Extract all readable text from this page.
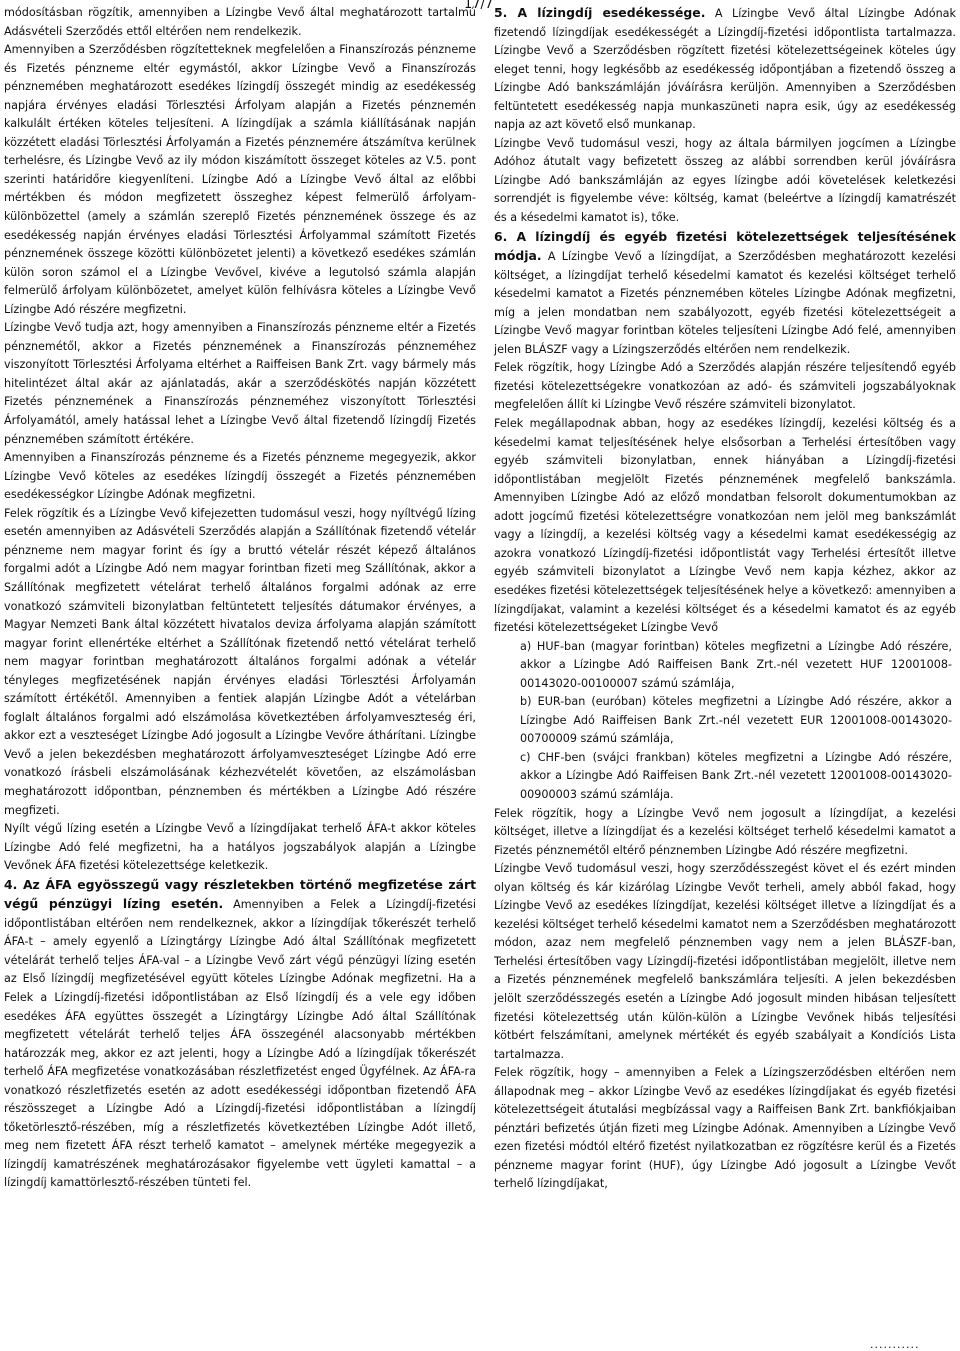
17/7

módosításban rögzítik, amennyiben a Lízingbe Vevő által meghatározott tartalmú Adásvételi Szerződés ettől eltérően nem rendelkezik.

Amennyiben a Szerződésben rögzítetteknek megfelelően a Finanszírozás pénzneme és Fizetés pénzneme eltér egymástól, akkor Lízingbe Vevő a Finanszírozás pénznemében meghatározott esedékes lízingdíj összegét mindig az esedékesség napjára érvényes eladási Törlesztési Árfolyam alapján a Fizetés pénznemén kalkulált értéken köteles teljesíteni. A lízingdíjak a számla kiállításának napján közzétett eladási Törlesztési Árfolyamán a Fizetés pénznemére átszámítva kerülnek terhelésre, és Lízingbe Vevő az ily módon kiszámított összeget köteles az V.5. pont szerinti határidőre kiegyenlíteni. Lízingbe Adó a Lízingbe Vevő által az előbbi mértékben és módon megfizetett összeghez képest felmerülő árfolyam-különbözettel (amely a számlán szereplő Fizetés pénznemének összege és az esedékesség napján érvényes eladási Törlesztési Árfolyammal számított Fizetés pénznemének összege közötti különbözetet jelenti) a következő esedékes számlán külön soron számol el a Lízingbe Vevővel, kivéve a legutolsó számla alapján felmerülő árfolyam különbözetet, amelyet külön felhívásra köteles a Lízingbe Vevő Lízingbe Adó részére megfizetni.

Lízingbe Vevő tudja azt, hogy amennyiben a Finanszírozás pénzneme eltér a Fizetés pénznemétől, akkor a Fizetés pénznemének a Finanszírozás pénzneméhez viszonyított Törlesztési Árfolyama eltérhet a Raiffeisen Bank Zrt. vagy bármely más hitelintézet által akár az ajánlatadás, akár a szerződéskötés napján közzétett Fizetés pénznemének a Finanszírozás pénzneméhez viszonyított Törlesztési Árfolyamától, amely hatással lehet a Lízingbe Vevő által fizetendő lízingdíj Fizetés pénznemében számított értékére.

Amennyiben a Finanszírozás pénzneme és a Fizetés pénzneme megegyezik, akkor Lízingbe Vevő köteles az esedékes lízingdíj összegét a Fizetés pénznemében esedékességkor Lízingbe Adónak megfizetni.

Felek rögzítik és a Lízingbe Vevő kifejezetten tudomásul veszi, hogy nyíltvégű lízing esetén amennyiben az Adásvételi Szerződés alapján a Szállítónak fizetendő vételár pénzneme nem magyar forint és így a bruttó vételár részét képező általános forgalmi adót a Lízingbe Adó nem magyar forintban fizeti meg Szállítónak, akkor a Szállítónak megfizetett vételárat terhelő általános forgalmi adónak az erre vonatkozó számviteli bizonylatban feltüntetett teljesítés dátumakor érvényes, a Magyar Nemzeti Bank által közzétett hivatalos deviza árfolyama alapján számított magyar forint ellenértéke eltérhet a Szállítónak fizetendő nettó vételárat terhelő nem magyar forintban meghatározott általános forgalmi adónak a vételár tényleges megfizetésének napján érvényes eladási Törlesztési Árfolyamán számított értékétől. Amennyiben a fentiek alapján Lízingbe Adót a vételárban foglalt általános forgalmi adó elszámolása következtében árfolyamveszteség éri, akkor ezt a veszteséget Lízingbe Adó jogosult a Lízingbe Vevőre áthárítani. Lízingbe Vevő a jelen bekezdésben meghatározott árfolyamveszteséget Lízingbe Adó erre vonatkozó írásbeli elszámolásának kézhezvételét követően, az elszámolásban meghatározott időpontban, pénznemben és mértékben a Lízingbe Adó részére megfizeti.

Nyílt végű lízing esetén a Lízingbe Vevő a lízingdíjakat terhelő ÁFA-t akkor köteles Lízingbe Adó felé megfizetni, ha a hatályos jogszabályok alapján a Lízingbe Vevőnek ÁFA fizetési kötelezettsége keletkezik.

4. Az ÁFA egyösszegű vagy részletekben történő megfizetése zárt végű pénzügyi lízing esetén. Amennyiben a Felek a Lízingdíj-fizetési időpontlistában eltérően nem rendelkeznek, akkor a lízingdíjak tőkerészét terhelő ÁFA-t – amely egyenlő a Lízingtárgy Lízingbe Adó által Szállítónak megfizetett vételárát terhelő teljes ÁFA-val – a Lízingbe Vevő zárt végű pénzügyi lízing esetén az Első lízingdíj megfizetésével együtt köteles Lízingbe Adónak megfizetni. Ha a Felek a Lízingdíj-fizetési időpontlistában az Első lízingdíj és a vele egy időben esedékes ÁFA együttes összegét a Lízingtárgy Lízingbe Adó által Szállítónak megfizetett vételárát terhelő teljes ÁFA összegénél alacsonyabb mértékben határozzák meg, akkor ez azt jelenti, hogy a Lízingbe Adó a lízingdíjak tőkerészét terhelő ÁFA megfizetése vonatkozásában részletfizetést enged Ügyfélnek. Az ÁFA-ra vonatkozó részletfizetés esetén az adott esedékességi időpontban fizetendő ÁFA részösszeget a Lízingbe Adó a Lízingdíj-fizetési időpontlistában a lízingdíj tőketörlesztő-részében, míg a részletfizetés következtében Lízingbe Adót illető, meg nem fizetett ÁFA részt terhelő kamatot – amelynek mértéke megegyezik a lízingdíj kamatrészének meghatározásakor figyelembe vett ügyleti kamattal – a lízingdíj kamattörlesztő-részében tünteti fel.

5. A lízingdíj esedékessége. A Lízingbe Vevő által Lízingbe Adónak fizetendő lízingdíjak esedékességét a Lízingdíj-fizetési időpontlista tartalmazza. Lízingbe Vevő a Szerződésben rögzített fizetési kötelezettségeinek köteles úgy eleget tenni, hogy legkésőbb az esedékesség időpontjában a fizetendő összeg a Lízingbe Adó bankszámláján jóváírásra kerüljön. Amennyiben a Szerződésben feltüntetett esedékesség napja munkaszüneti napra esik, úgy az esedékesség napja az azt követő első munkanap.

Lízingbe Vevő tudomásul veszi, hogy az általa bármilyen jogcímen a Lízingbe Adóhoz átutalt vagy befizetett összeg az alábbi sorrendben kerül jóváírásra Lízingbe Adó bankszámláján az egyes lízingbe adói követelések keletkezési sorrendjét is figyelembe véve: költség, kamat (beleértve a lízingdíj kamatrészét és a késedelmi kamatot is), tőke.

6. A lízingdíj és egyéb fizetési kötelezettségek teljesítésének módja. A Lízingbe Vevő a lízingdíjat, a Szerződésben meghatározott kezelési költséget, a lízingdíjat terhelő késedelmi kamatot és kezelési költséget terhelő késedelmi kamatot a Fizetés pénznemében köteles Lízingbe Adónak megfizetni, míg a jelen mondatban nem szabályozott, egyéb fizetési kötelezettségeit a Lízingbe Vevő magyar forintban köteles teljesíteni Lízingbe Adó felé, amennyiben jelen BLÁSZF vagy a Lízingszerződés eltérően nem rendelkezik.

Felek rögzítik, hogy Lízingbe Adó a Szerződés alapján részére teljesítendő egyéb fizetési kötelezettségekre vonatkozóan az adó- és számviteli jogszabályoknak megfelelően állít ki Lízingbe Vevő részére számviteli bizonylatot.

Felek megállapodnak abban, hogy az esedékes lízingdíj, kezelési költség és a késedelmi kamat teljesítésének helye elsősorban a Terhelési értesítőben vagy egyéb számviteli bizonylatban, ennek hiányában a Lízingdíj-fizetési időpontlistában megjelölt Fizetés pénznemének megfelelő bankszámla. Amennyiben Lízingbe Adó az előző mondatban felsorolt dokumentumokban az adott jogcímű fizetési kötelezettségre vonatkozóan nem jelöl meg bankszámlát vagy a lízingdíj, a kezelési költség vagy a késedelmi kamat esedékességig az azokra vonatkozó Lízingdíj-fizetési időpontlistát vagy Terhelési értesítőt illetve egyéb számviteli bizonylatot a Lízingbe Vevő nem kapja kézhez, akkor az esedékes fizetési kötelezettségek teljesítésének helye a következő: amennyiben a lízingdíjakat, valamint a kezelési költséget és a késedelmi kamatot és az egyéb fizetési kötelezettségeket Lízingbe Vevő

a) HUF-ban (magyar forintban) köteles megfizetni a Lízingbe Adó részére, akkor a Lízingbe Adó Raiffeisen Bank Zrt.-nél vezetett HUF 12001008-00143020-00100007 számú számlája,

b) EUR-ban (euróban) köteles megfizetni a Lízingbe Adó részére, akkor a Lízingbe Adó Raiffeisen Bank Zrt.-nél vezetett EUR 12001008-00143020-00700009 számú számlája,

c) CHF-ben (svájci frankban) köteles megfizetni a Lízingbe Adó részére, akkor a Lízingbe Adó Raiffeisen Bank Zrt.-nél vezetett 12001008-00143020-00900003 számú számlája.

Felek rögzítik, hogy a Lízingbe Vevő nem jogosult a lízingdíjat, a kezelési költséget, illetve a lízingdíjat és a kezelési költséget terhelő késedelmi kamatot a Fizetés pénznemétől eltérő pénznemben Lízingbe Adó részére megfizetni.

Lízingbe Vevő tudomásul veszi, hogy szerződésszegést követ el és ezért minden olyan költség és kár kizárólag Lízingbe Vevőt terheli, amely abból fakad, hogy Lízingbe Vevő az esedékes lízingdíjat, kezelési költséget illetve a lízingdíjat és a kezelési költséget terhelő késedelmi kamatot nem a Szerződésben meghatározott módon, azaz nem megfelelő pénznemben vagy nem a jelen BLÁSZF-ban, Terhelési értesítőben vagy Lízingdíj-fizetési időpontlistában megjelölt, illetve nem a Fizetés pénznemének megfelelő bankszámlára teljesíti. A jelen bekezdésben jelölt szerződésszegés esetén a Lízingbe Adó jogosult minden hibásan teljesített fizetési kötelezettség után külön-külön a Lízingbe Vevőnek hibás teljesítési kötbért felszámítani, amelynek mértékét és egyéb szabályait a Kondíciós Lista tartalmazza.

Felek rögzítik, hogy – amennyiben a Felek a Lízingszerződésben eltérően nem állapodnak meg – akkor Lízingbe Vevő az esedékes lízingdíjakat és egyéb fizetési kötelezettségeit átutalási megbízással vagy a Raiffeisen Bank Zrt. bankfiókjaiban pénztári befizetés útján fizeti meg Lízingbe Adónak. Amennyiben a Lízingbe Vevő ezen fizetési módtól eltérő fizetést nyilatkozatban ez rögzítésre kerül és a Fizetés pénzneme magyar forint (HUF), úgy Lízingbe Adó jogosult a Lízingbe Vevőt terhelő lízingdíjakat,

...........
